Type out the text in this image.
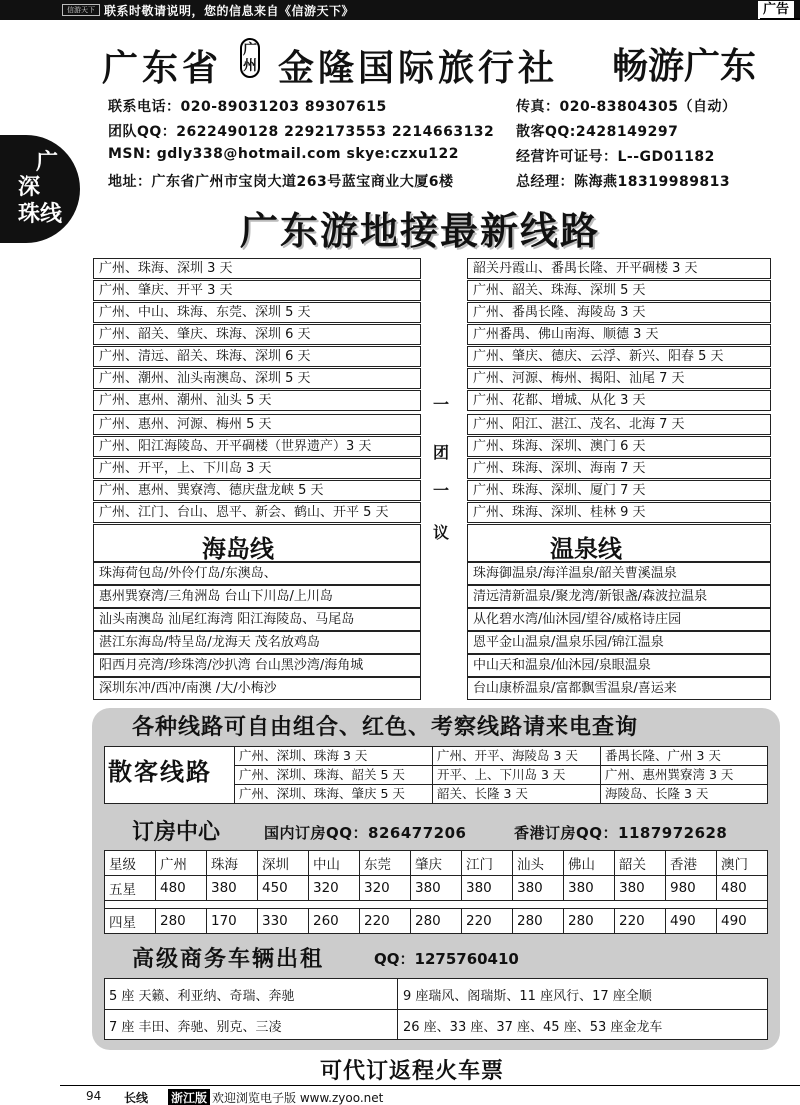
信游天下 联系时敬请说明，您的信息来自《信游天下》	广告
广
深
珠线
广东省 广州 金隆国际旅行社 畅游广东
联系电话：020-89031203 89307615	传真：020-83804305（自动）
团队QQ：2622490128 2292173553 2214663132 散客QQ:2428149297
MSN: gdly338@hotmail.com skye:czxu122	经营许可证号：L--GD01182
地址：广东省广州市宝岗大道263号蓝宝商业大厦6楼	总经理：陈海燕18319989813
广东游地接最新线路
广州、珠海、深圳 3 天
广州、肇庆、开平 3 天
广州、中山、珠海、东莞、深圳 5 天
广州、韶关、肇庆、珠海、深圳 6 天
广州、清远、韶关、珠海、深圳 6 天
广州、潮州、汕头南澳岛、深圳 5 天
广州、惠州、潮州、汕头 5 天
广州、惠州、河源、梅州 5 天
广州、阳江海陵岛、开平碉楼（世界遗产）3 天
广州、开平，上、下川岛 3 天
广州、惠州、巽寮湾、德庆盘龙峡 5 天
广州、江门、台山、恩平、新会、鹤山、开平 5 天
一
团
一
议
韶关丹霞山、番禺长隆、开平碉楼 3 天
广州、韶关、珠海、深圳 5 天
广州、番禺长隆、海陵岛 3 天
广州番禺、佛山南海、顺德 3 天
广州、肇庆、德庆、云浮、新兴、阳春 5 天
广州、河源、梅州、揭阳、汕尾 7 天
广州、花都、增城、从化 3 天
广州、阳江、湛江、茂名、北海 7 天
广州、珠海、深圳、澳门 6 天
广州、珠海、深圳、海南 7 天
广州、珠海、深圳、厦门 7 天
广州、珠海、深圳、桂林 9 天
海岛线
珠海荷包岛/外伶仃岛/东澳岛、
惠州巽寮湾/三角洲岛 台山下川岛/上川岛
汕头南澳岛 汕尾红海湾 阳江海陵岛、马尾岛
湛江东海岛/特呈岛/龙海天 茂名放鸡岛
阳西月亮湾/珍珠湾/沙扒湾 台山黑沙湾/海角城
深圳东冲/西冲/南澳 /大/小梅沙
温泉线
珠海御温泉/海洋温泉/韶关曹溪温泉
清远清新温泉/聚龙湾/新银盏/森波拉温泉
从化碧水湾/仙沐园/望谷/威格诗庄园
恩平金山温泉/温泉乐园/锦江温泉
中山天和温泉/仙沐园/泉眼温泉
台山康桥温泉/富都飘雪温泉/喜运来
各种线路可自由组合、红色、考察线路请来电查询
散客线路
广州、深圳、珠海 3 天	广州、开平、海陵岛 3 天	番禺长隆、广州 3 天
广州、深圳、珠海、韶关 5 天	开平、上、下川岛 3 天	广州、惠州巽寮湾 3 天
广州、深圳、珠海、肇庆 5 天	韶关、长隆 3 天	海陵岛、长隆 3 天
订房中心	国内订房QQ：826477206	香港订房QQ：1187972628
星级	广州	珠海	深圳	中山	东莞	肇庆	江门	汕头	佛山	韶关	香港	澳门
五星	480	380	450	320	320	380	380	380	380	380	980	480

四星	280	170	330	260	220	280	220	280	280	220	490	490
高级商务车辆出租	QQ：1275760410
5 座 天籁、利亚纳、奇瑞、奔驰	9 座瑞风、阁瑞斯、11 座风行、17 座全顺
7 座 丰田、奔驰、别克、三凌	26 座、33 座、37 座、45 座、53 座金龙车
可代订返程火车票
94 长线 浙江版 欢迎浏览电子版 www.zyoo.net
